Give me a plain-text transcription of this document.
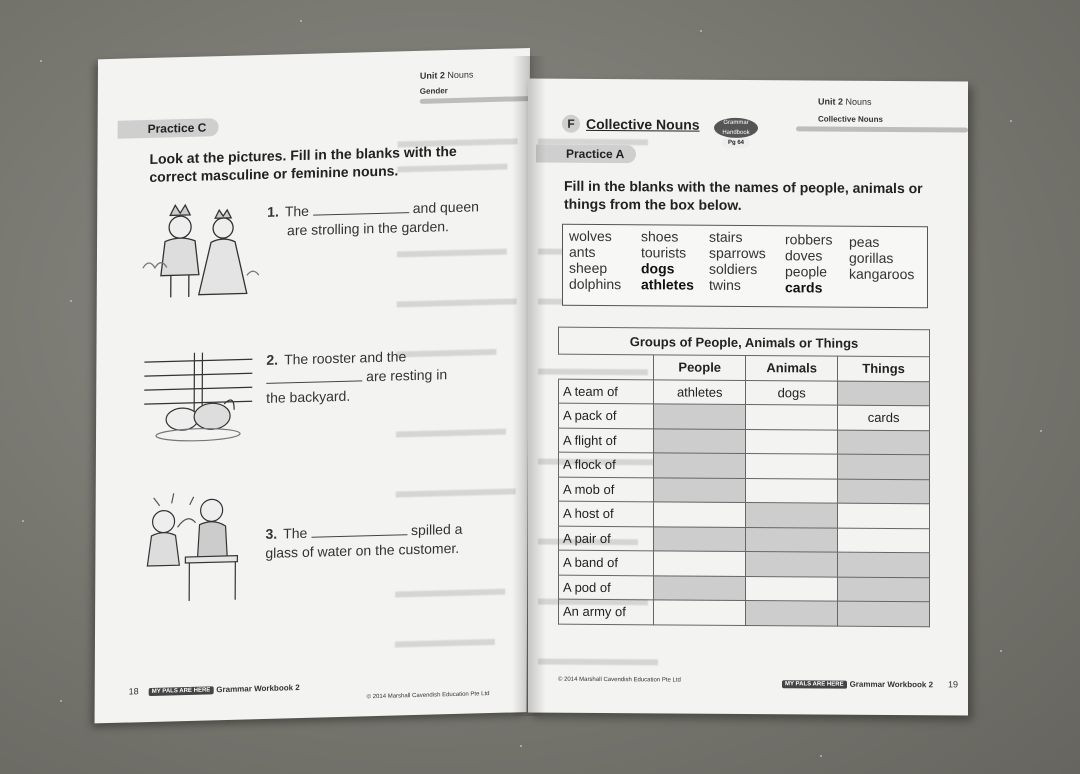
Unit 2 Nouns
Gender
Practice C
Look at the pictures. Fill in the blanks with the correct masculine or feminine nouns.
1. The	and queen
are strolling in the garden.
2. The rooster and the
are resting in
the backyard.
3. The	spilled a
glass of water on the customer.
18 MY PALS ARE HERE Grammar Workbook 2
© 2014 Marshall Cavendish Education Pte Ltd
Unit 2 Nouns
Collective Nouns
F Collective Nouns	Grammar Handbook
Pg 64
Practice A
Fill in the blanks with the names of people, animals or things from the box below.
wolves
ants
sheep
dolphins
shoes
tourists
dogs
athletes
stairs
sparrows
soldiers
twins
robbers
doves
people
cards
peas
gorillas
kangaroos
Groups of People, Animals or Things			
	People	Animals	Things
A team of	athletes	dogs	
A pack of			cards
A flight of			
A flock of			
A mob of			
A host of			
A pair of			
A band of			
A pod of			
An army of			
© 2014 Marshall Cavendish Education Pte Ltd
MY PALS ARE HERE Grammar Workbook 2 19
